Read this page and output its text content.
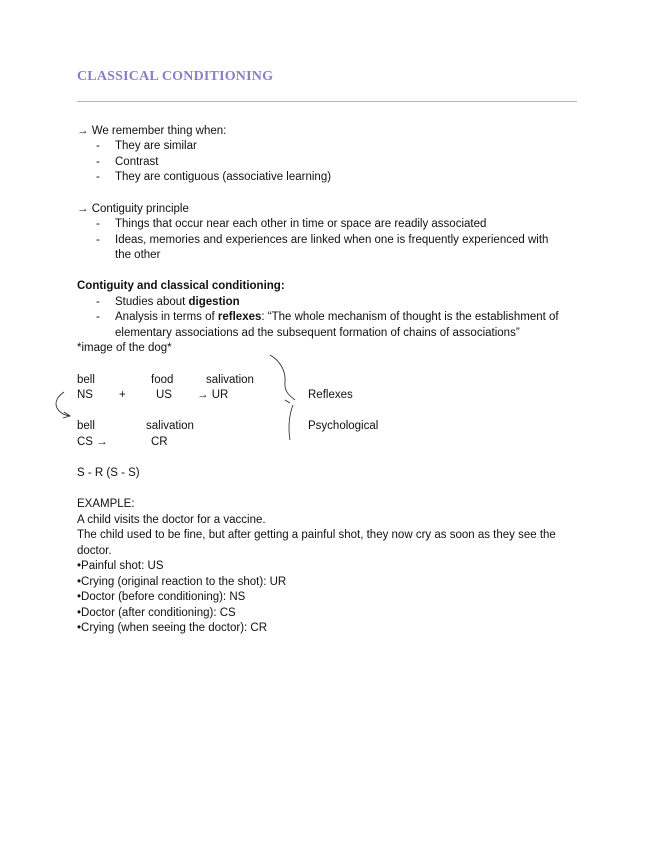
CLASSICAL CONDITIONING
→ We remember thing when:
- They are similar
- Contrast
- They are contiguous (associative learning)
→ Contiguity principle
- Things that occur near each other in time or space are readily associated
- Ideas, memories and experiences are linked when one is frequently experienced with
the other
Contiguity and classical conditioning:
- Studies about digestion
- Analysis in terms of reflexes: “The whole mechanism of thought is the establishment of
elementary associations ad the subsequent formation of chains of associations”
*image of the dog*
bell	food	salivation
NS +	US → UR	Reflexes
bell	salivation	Psychological
CS →	CR
S - R (S - S)
EXAMPLE:
A child visits the doctor for a vaccine.
The child used to be fine, but after getting a painful shot, they now cry as soon as they see the
doctor.
•Painful shot: US
•Crying (original reaction to the shot): UR
•Doctor (before conditioning): NS
•Doctor (after conditioning): CS
•Crying (when seeing the doctor): CR
